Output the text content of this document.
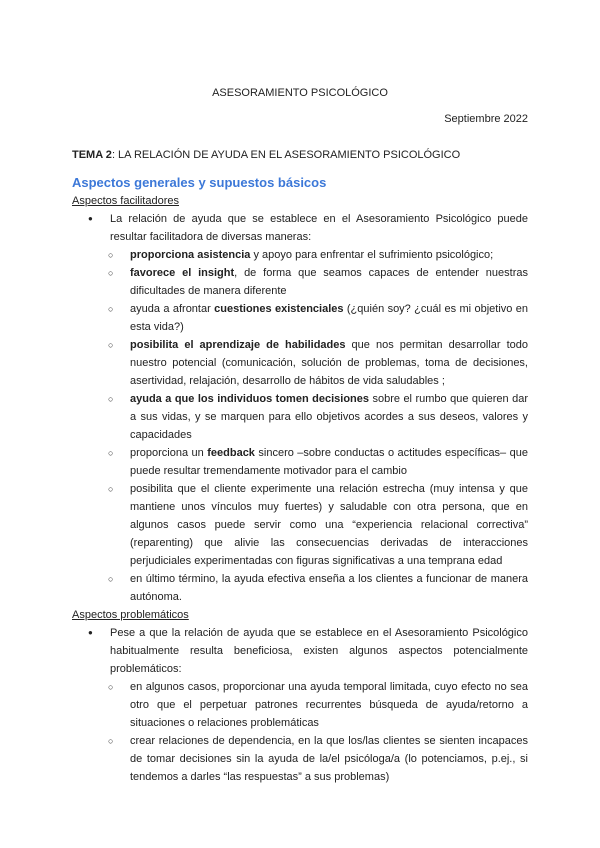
ASESORAMIENTO PSICOLÓGICO

Septiembre 2022

TEMA 2: LA RELACIÓN DE AYUDA EN EL ASESORAMIENTO PSICOLÓGICO

Aspectos generales y supuestos básicos

Aspectos facilitadores

● La relación de ayuda que se establece en el Asesoramiento Psicológico puede resultar facilitadora de diversas maneras:
○ proporciona asistencia y apoyo para enfrentar el sufrimiento psicológico;
○ favorece el insight, de forma que seamos capaces de entender nuestras dificultades de manera diferente
○ ayuda a afrontar cuestiones existenciales (¿quién soy? ¿cuál es mi objetivo en esta vida?)
○ posibilita el aprendizaje de habilidades que nos permitan desarrollar todo nuestro potencial (comunicación, solución de problemas, toma de decisiones, asertividad, relajación, desarrollo de hábitos de vida saludables ;
○ ayuda a que los individuos tomen decisiones sobre el rumbo que quieren dar a sus vidas, y se marquen para ello objetivos acordes a sus deseos, valores y capacidades
○ proporciona un feedback sincero –sobre conductas o actitudes específicas– que puede resultar tremendamente motivador para el cambio
○ posibilita que el cliente experimente una relación estrecha (muy intensa y que mantiene unos vínculos muy fuertes) y saludable con otra persona, que en algunos casos puede servir como una “experiencia relacional correctiva” (reparenting) que alivie las consecuencias derivadas de interacciones perjudiciales experimentadas con figuras significativas a una temprana edad
○ en último término, la ayuda efectiva enseña a los clientes a funcionar de manera autónoma.

Aspectos problemáticos

● Pese a que la relación de ayuda que se establece en el Asesoramiento Psicológico habitualmente resulta beneficiosa, existen algunos aspectos potencialmente problemáticos:
○ en algunos casos, proporcionar una ayuda temporal limitada, cuyo efecto no sea otro que el perpetuar patrones recurrentes búsqueda de ayuda/retorno a situaciones o relaciones problemáticas
○ crear relaciones de dependencia, en la que los/las clientes se sienten incapaces de tomar decisiones sin la ayuda de la/el psicóloga/a (lo potenciamos, p.ej., si tendemos a darles “las respuestas” a sus problemas)
